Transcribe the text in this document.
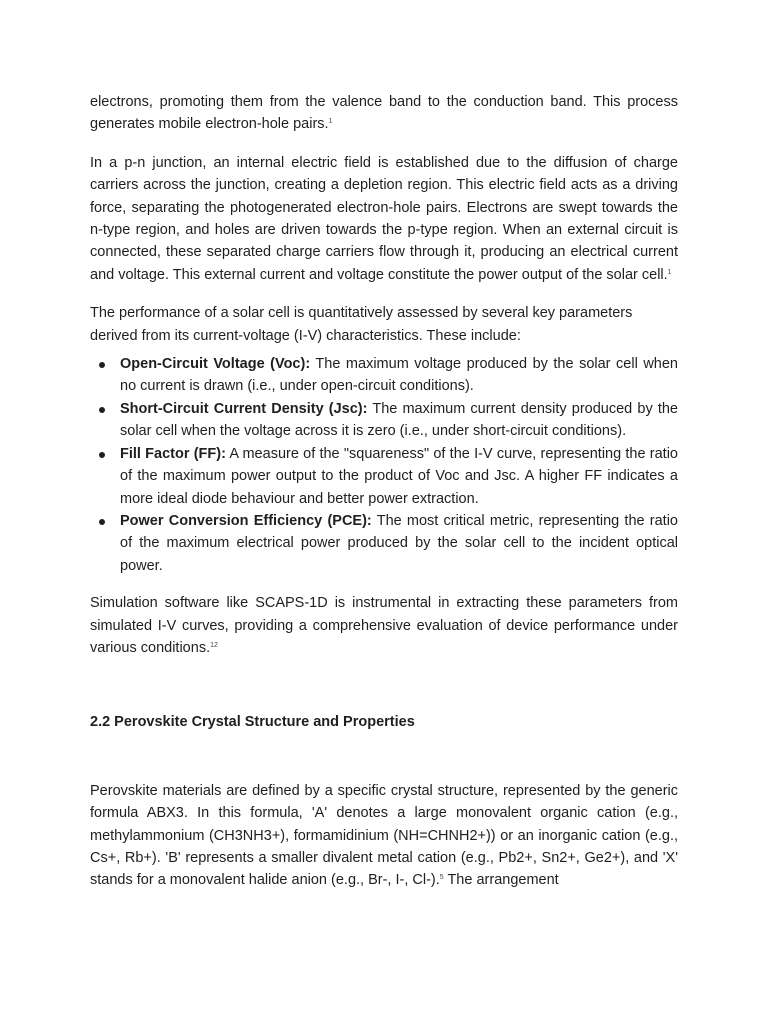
electrons, promoting them from the valence band to the conduction band. This process generates mobile electron-hole pairs.$^1$

In a p-n junction, an internal electric field is established due to the diffusion of charge carriers across the junction, creating a depletion region. This electric field acts as a driving force, separating the photogenerated electron-hole pairs. Electrons are swept towards the n-type region, and holes are driven towards the p-type region. When an external circuit is connected, these separated charge carriers flow through it, producing an electrical current and voltage. This external current and voltage constitute the power output of the solar cell.$^1$

The performance of a solar cell is quantitatively assessed by several key parameters derived from its current-voltage (I-V) characteristics. These include:

Open-Circuit Voltage (Voc): The maximum voltage produced by the solar cell when no current is drawn (i.e., under open-circuit conditions).
Short-Circuit Current Density (Jsc): The maximum current density produced by the solar cell when the voltage across it is zero (i.e., under short-circuit conditions).
Fill Factor (FF): A measure of the "squareness" of the I-V curve, representing the ratio of the maximum power output to the product of Voc and Jsc. A higher FF indicates a more ideal diode behaviour and better power extraction.
Power Conversion Efficiency (PCE): The most critical metric, representing the ratio of the maximum electrical power produced by the solar cell to the incident optical power.

Simulation software like SCAPS-1D is instrumental in extracting these parameters from simulated I-V curves, providing a comprehensive evaluation of device performance under various conditions.$^{12}$

2.2 Perovskite Crystal Structure and Properties

Perovskite materials are defined by a specific crystal structure, represented by the generic formula ABX3. In this formula, 'A' denotes a large monovalent organic cation (e.g., methylammonium (CH3NH3+), formamidinium (NH=CHNH2+)) or an inorganic cation (e.g., Cs+, Rb+). 'B' represents a smaller divalent metal cation (e.g., Pb2+, Sn2+, Ge2+), and 'X' stands for a monovalent halide anion (e.g., Br-, I-, Cl-).$^5$ The arrangement
